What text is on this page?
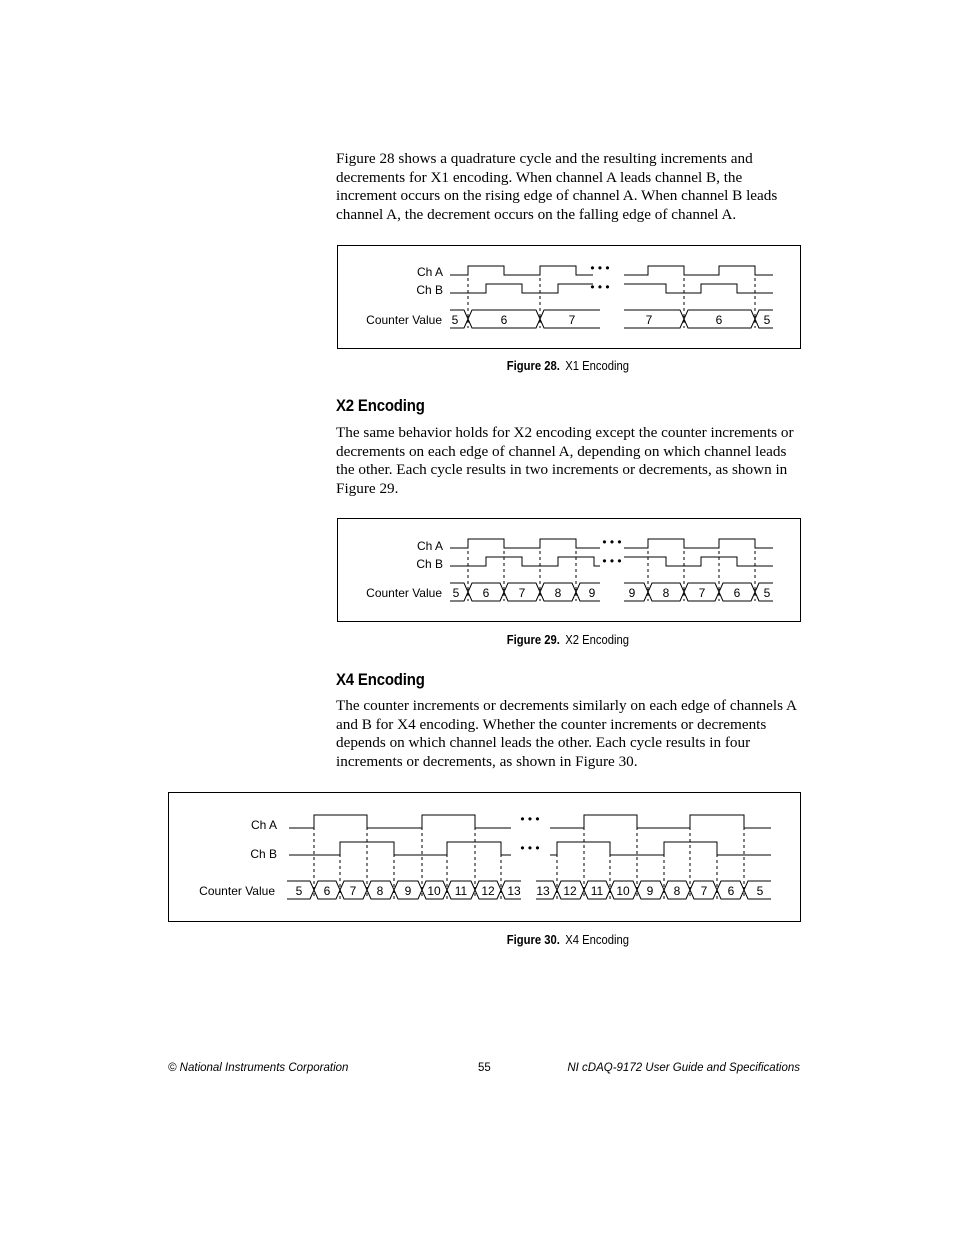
Figure 28 shows a quadrature cycle and the resulting increments and decrements for X1 encoding. When channel A leads channel B, the increment occurs on the rising edge of channel A. When channel B leads channel A, the decrement occurs on the falling edge of channel A.

Ch A
Ch B
Counter Value
• • •
• • •
5	6	7	7	6	5
Figure 28. X1 Encoding
X2 Encoding

The same behavior holds for X2 encoding except the counter increments or decrements on each edge of channel A, depending on which channel leads the other. Each cycle results in two increments or decrements, as shown in Figure 29.

Ch A
Ch B
Counter Value
• • •
• • •
5 6 7 8 9	9 8 7 6 5
Figure 29. X2 Encoding
X4 Encoding

The counter increments or decrements similarly on each edge of channels A and B for X4 encoding. Whether the counter increments or decrements depends on which channel leads the other. Each cycle results in four increments or decrements, as shown in Figure 30.

Ch A
Ch B
Counter Value
• • •
• • •
5 6 7 8 9 10 11 12 13 13 12 11 10 9 8 7 6 5
Figure 30. X4 Encoding
© National Instruments Corporation	55	NI cDAQ-9172 User Guide and Specifications
